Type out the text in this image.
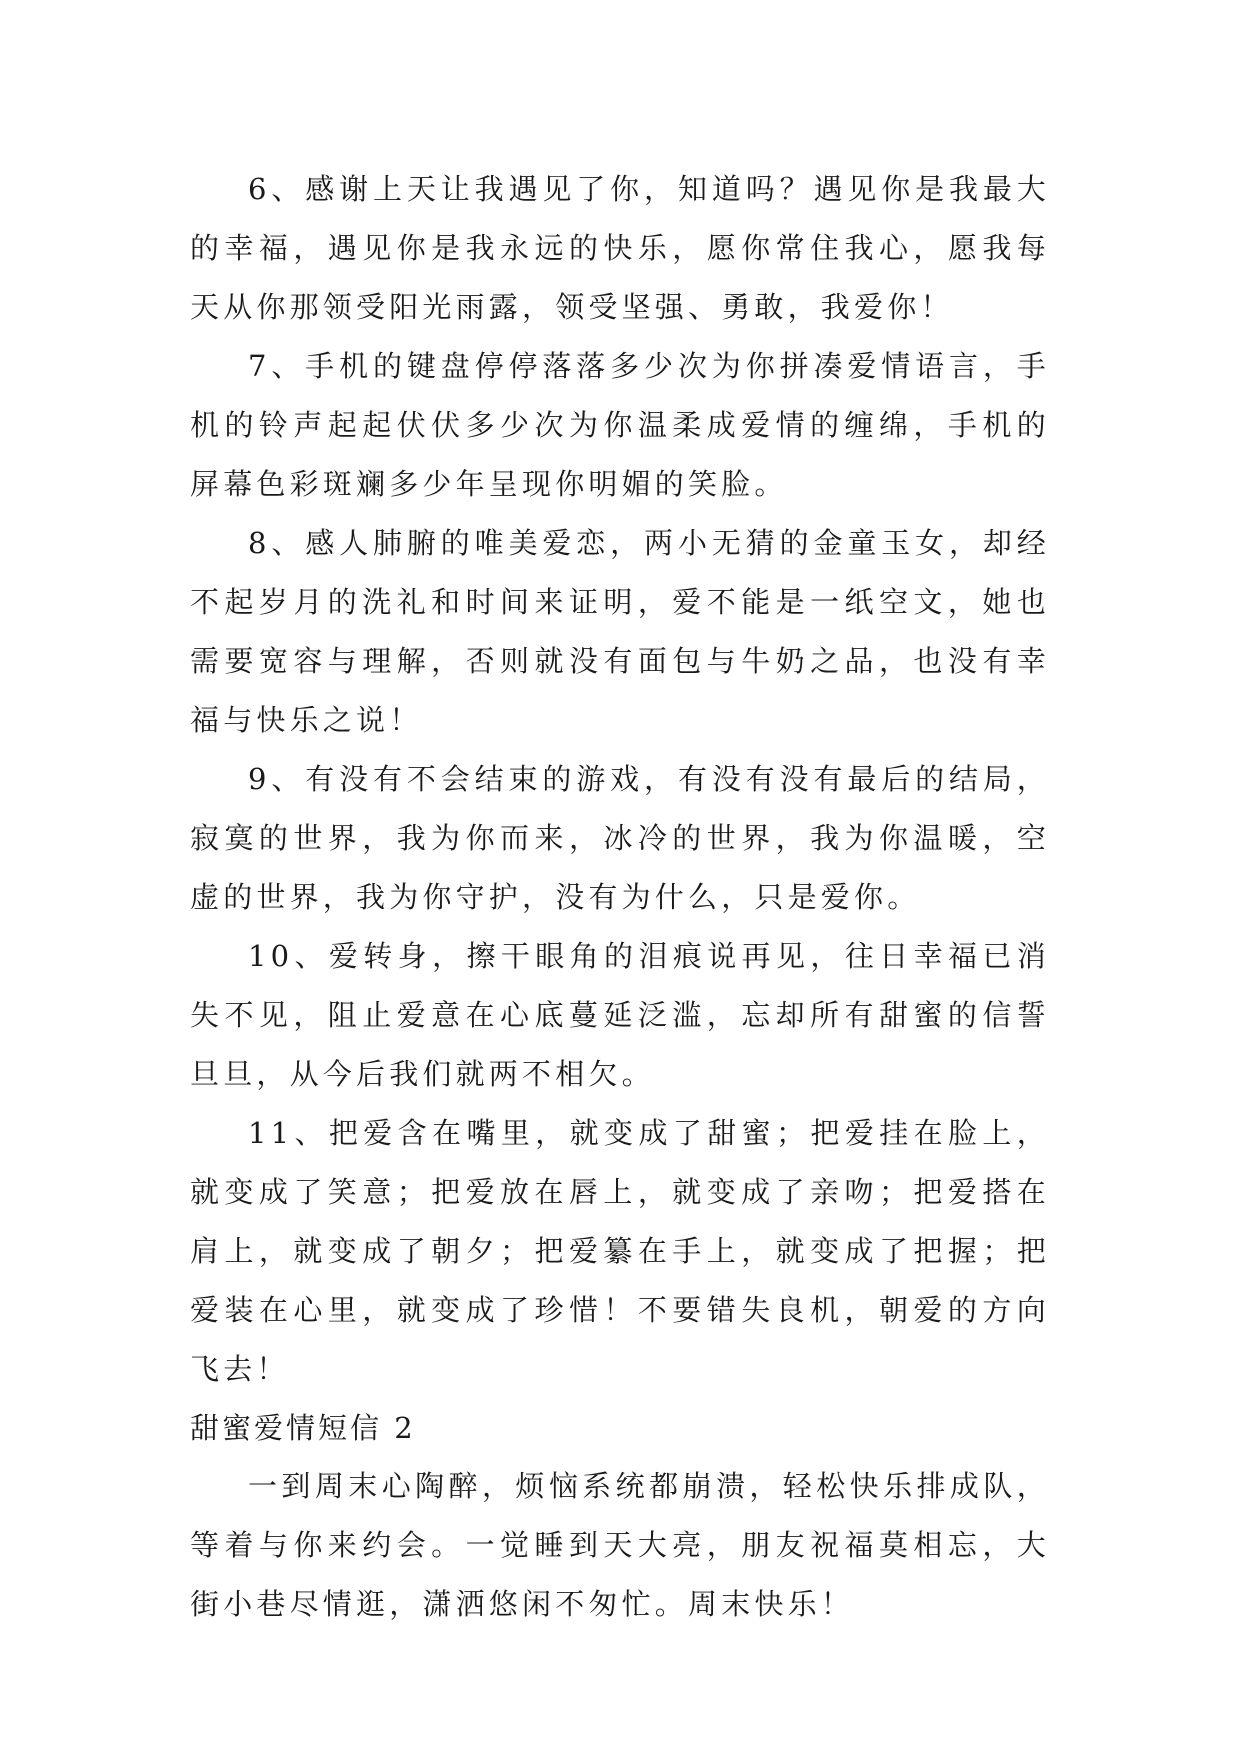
6、感谢上天让我遇见了你，知道吗？遇见你是我最大的幸福，遇见你是我永远的快乐，愿你常住我心，愿我每天从你那领受阳光雨露，领受坚强、勇敢，我爱你！

7、手机的键盘停停落落多少次为你拼凑爱情语言，手机的铃声起起伏伏多少次为你温柔成爱情的缠绵，手机的屏幕色彩斑斓多少年呈现你明媚的笑脸。

8、感人肺腑的唯美爱恋，两小无猜的金童玉女，却经不起岁月的洗礼和时间来证明，爱不能是一纸空文，她也需要宽容与理解，否则就没有面包与牛奶之品，也没有幸福与快乐之说！

9、有没有不会结束的游戏，有没有没有最后的结局，寂寞的世界，我为你而来，冰冷的世界，我为你温暖，空虚的世界，我为你守护，没有为什么，只是爱你。

10、爱转身，擦干眼角的泪痕说再见，往日幸福已消失不见，阻止爱意在心底蔓延泛滥，忘却所有甜蜜的信誓旦旦，从今后我们就两不相欠。

11、把爱含在嘴里，就变成了甜蜜；把爱挂在脸上，就变成了笑意；把爱放在唇上，就变成了亲吻；把爱搭在肩上，就变成了朝夕；把爱纂在手上，就变成了把握；把爱装在心里，就变成了珍惜！不要错失良机，朝爱的方向飞去！

甜蜜爱情短信 2

一到周末心陶醉，烦恼系统都崩溃，轻松快乐排成队，等着与你来约会。一觉睡到天大亮，朋友祝福莫相忘，大街小巷尽情逛，潇洒悠闲不匆忙。周末快乐！
